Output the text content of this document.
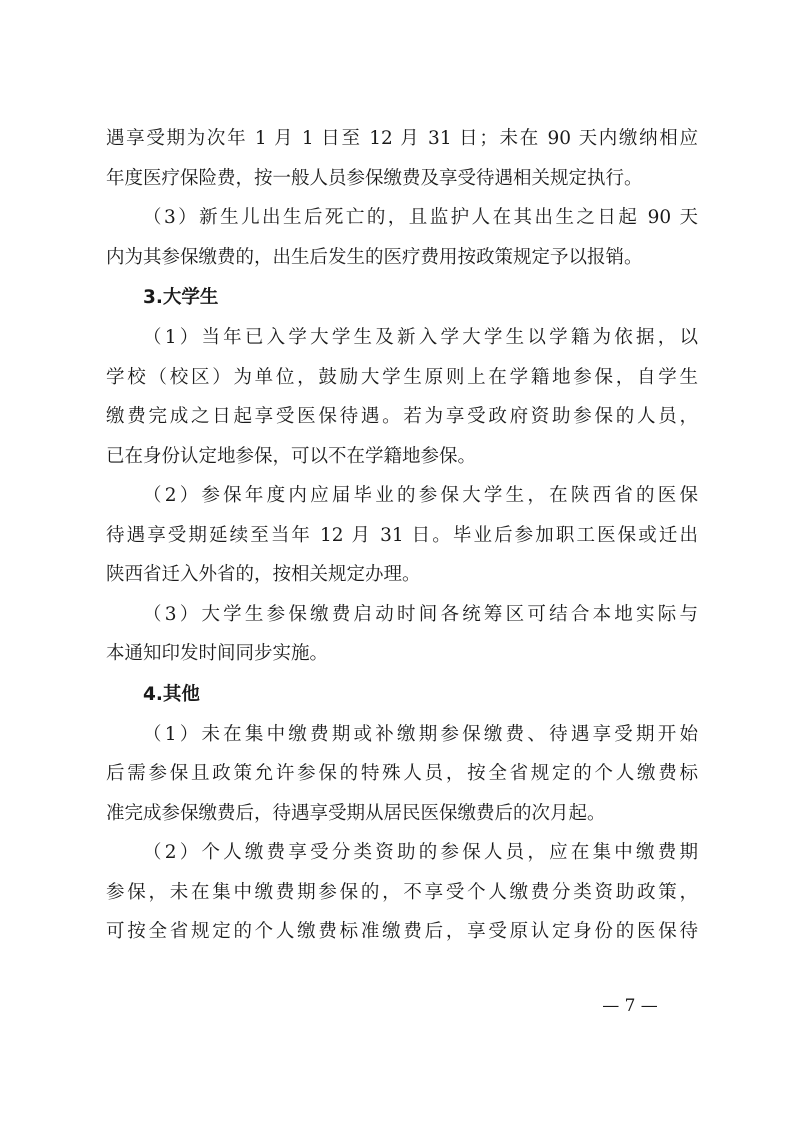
遇享受期为次年 1 月 1 日至 12 月 31 日；未在 90 天内缴纳相应
年度医疗保险费，按一般人员参保缴费及享受待遇相关规定执行。
（3）新生儿出生后死亡的，且监护人在其出生之日起 90 天
内为其参保缴费的，出生后发生的医疗费用按政策规定予以报销。
3.大学生
（1）当年已入学大学生及新入学大学生以学籍为依据，以
学校（校区）为单位，鼓励大学生原则上在学籍地参保，自学生
缴费完成之日起享受医保待遇。若为享受政府资助参保的人员，
已在身份认定地参保，可以不在学籍地参保。
（2）参保年度内应届毕业的参保大学生，在陕西省的医保
待遇享受期延续至当年 12 月 31 日。毕业后参加职工医保或迁出
陕西省迁入外省的，按相关规定办理。
（3）大学生参保缴费启动时间各统筹区可结合本地实际与
本通知印发时间同步实施。
4.其他
（1）未在集中缴费期或补缴期参保缴费、待遇享受期开始
后需参保且政策允许参保的特殊人员，按全省规定的个人缴费标
准完成参保缴费后，待遇享受期从居民医保缴费后的次月起。
（2）个人缴费享受分类资助的参保人员，应在集中缴费期
参保，未在集中缴费期参保的，不享受个人缴费分类资助政策，
可按全省规定的个人缴费标准缴费后，享受原认定身份的医保待
— 7 —
